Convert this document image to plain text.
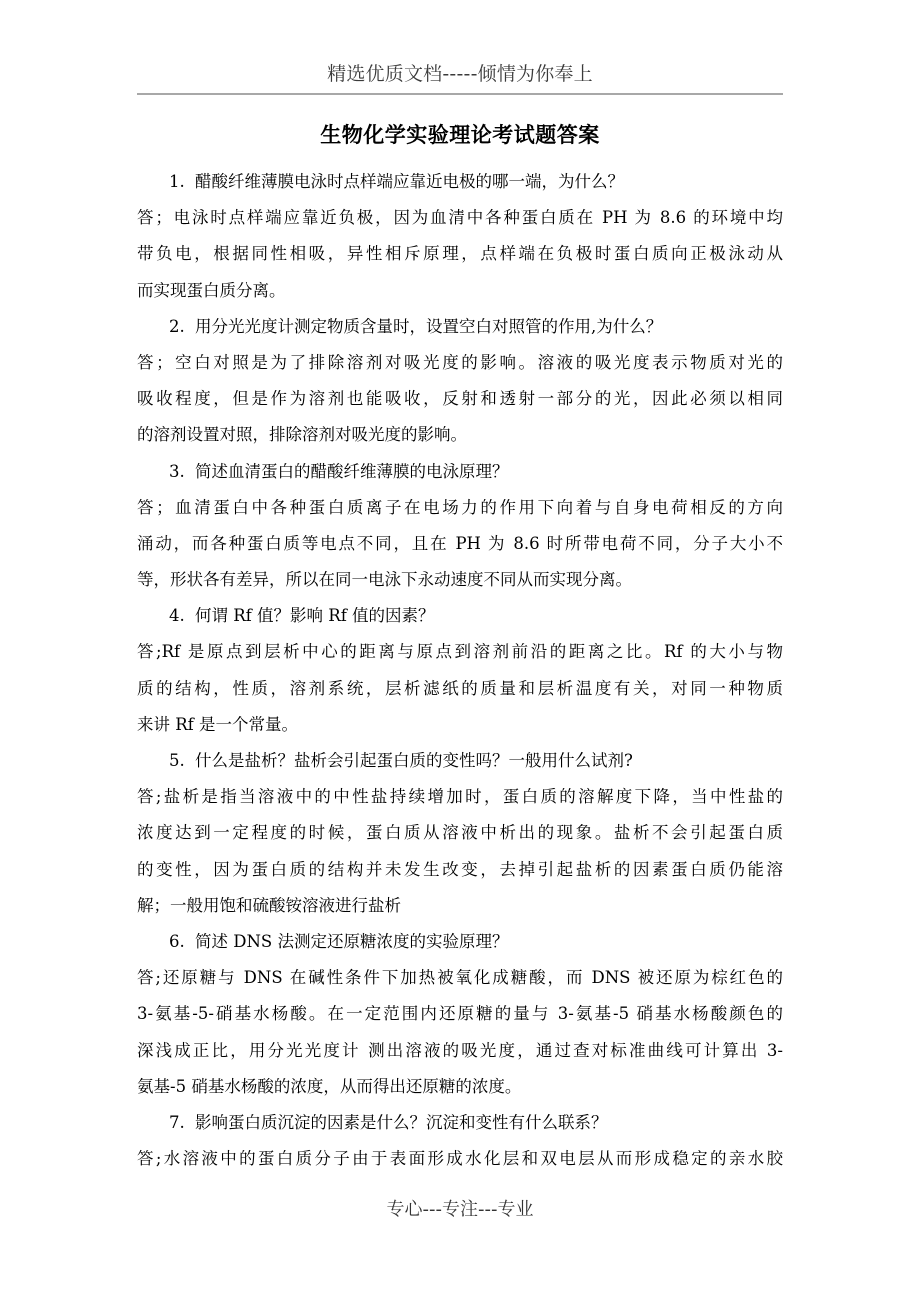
精选优质文档-----倾情为你奉上
生物化学实验理论考试题答案
1. 醋酸纤维薄膜电泳时点样端应靠近电极的哪一端，为什么？
答；电泳时点样端应靠近负极，因为血清中各种蛋白质在 PH 为 8.6 的环境中均
带负电，根据同性相吸，异性相斥原理，点样端在负极时蛋白质向正极泳动从
而实现蛋白质分离。
2. 用分光光度计测定物质含量时，设置空白对照管的作用,为什么？
答；空白对照是为了排除溶剂对吸光度的影响。溶液的吸光度表示物质对光的
吸收程度，但是作为溶剂也能吸收，反射和透射一部分的光，因此必须以相同
的溶剂设置对照，排除溶剂对吸光度的影响。
3. 简述血清蛋白的醋酸纤维薄膜的电泳原理？
答；血清蛋白中各种蛋白质离子在电场力的作用下向着与自身电荷相反的方向
涌动，而各种蛋白质等电点不同，且在 PH 为 8.6 时所带电荷不同，分子大小不
等，形状各有差异，所以在同一电泳下永动速度不同从而实现分离。
4. 何谓 Rf 值？影响 Rf 值的因素？
答;Rf 是原点到层析中心的距离与原点到溶剂前沿的距离之比。Rf 的大小与物
质的结构，性质，溶剂系统，层析滤纸的质量和层析温度有关，对同一种物质
来讲 Rf 是一个常量。
5. 什么是盐析？盐析会引起蛋白质的变性吗？一般用什么试剂?
答;盐析是指当溶液中的中性盐持续增加时，蛋白质的溶解度下降，当中性盐的
浓度达到一定程度的时候，蛋白质从溶液中析出的现象。盐析不会引起蛋白质
的变性，因为蛋白质的结构并未发生改变，去掉引起盐析的因素蛋白质仍能溶
解；一般用饱和硫酸铵溶液进行盐析
6. 简述 DNS 法测定还原糖浓度的实验原理？
答;还原糖与 DNS 在碱性条件下加热被氧化成糖酸，而 DNS 被还原为棕红色的
3-氨基-5-硝基水杨酸。在一定范围内还原糖的量与 3-氨基-5 硝基水杨酸颜色的
深浅成正比，用分光光度计 测出溶液的吸光度，通过查对标准曲线可计算出 3-
氨基-5 硝基水杨酸的浓度，从而得出还原糖的浓度。
7. 影响蛋白质沉淀的因素是什么？沉淀和变性有什么联系？
答;水溶液中的蛋白质分子由于表面形成水化层和双电层从而形成稳定的亲水胶
专心---专注---专业
